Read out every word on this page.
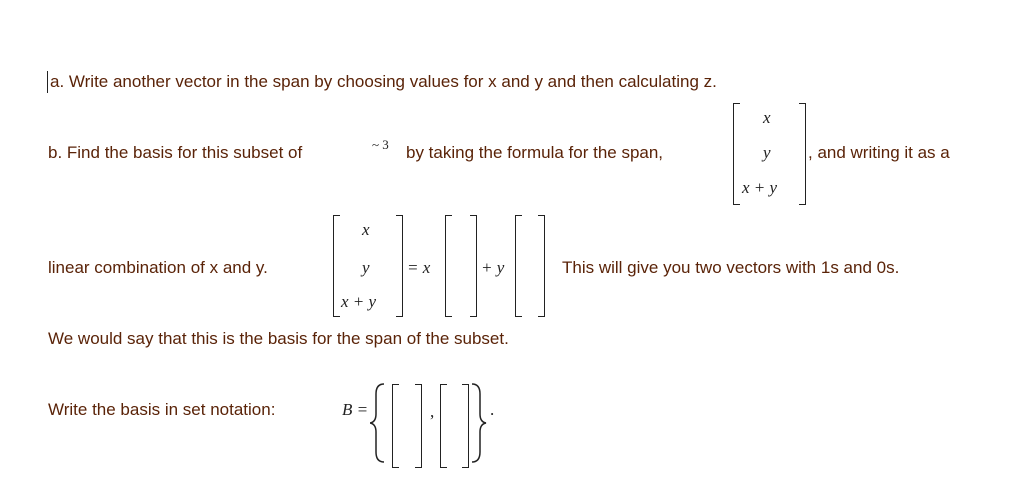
a. Write another vector in the span by choosing values for x and y and then calculating z.
b. Find the basis for this subset of	~ 3 by taking the formula for the span,
x
y
x + y
, and writing it as a
linear combination of x and y.
x
y
x + y
= x	+ y	This will give you two vectors with 1s and 0s.
We would say that this is the basis for the span of the subset.
Write the basis in set notation:	B =	,	.
